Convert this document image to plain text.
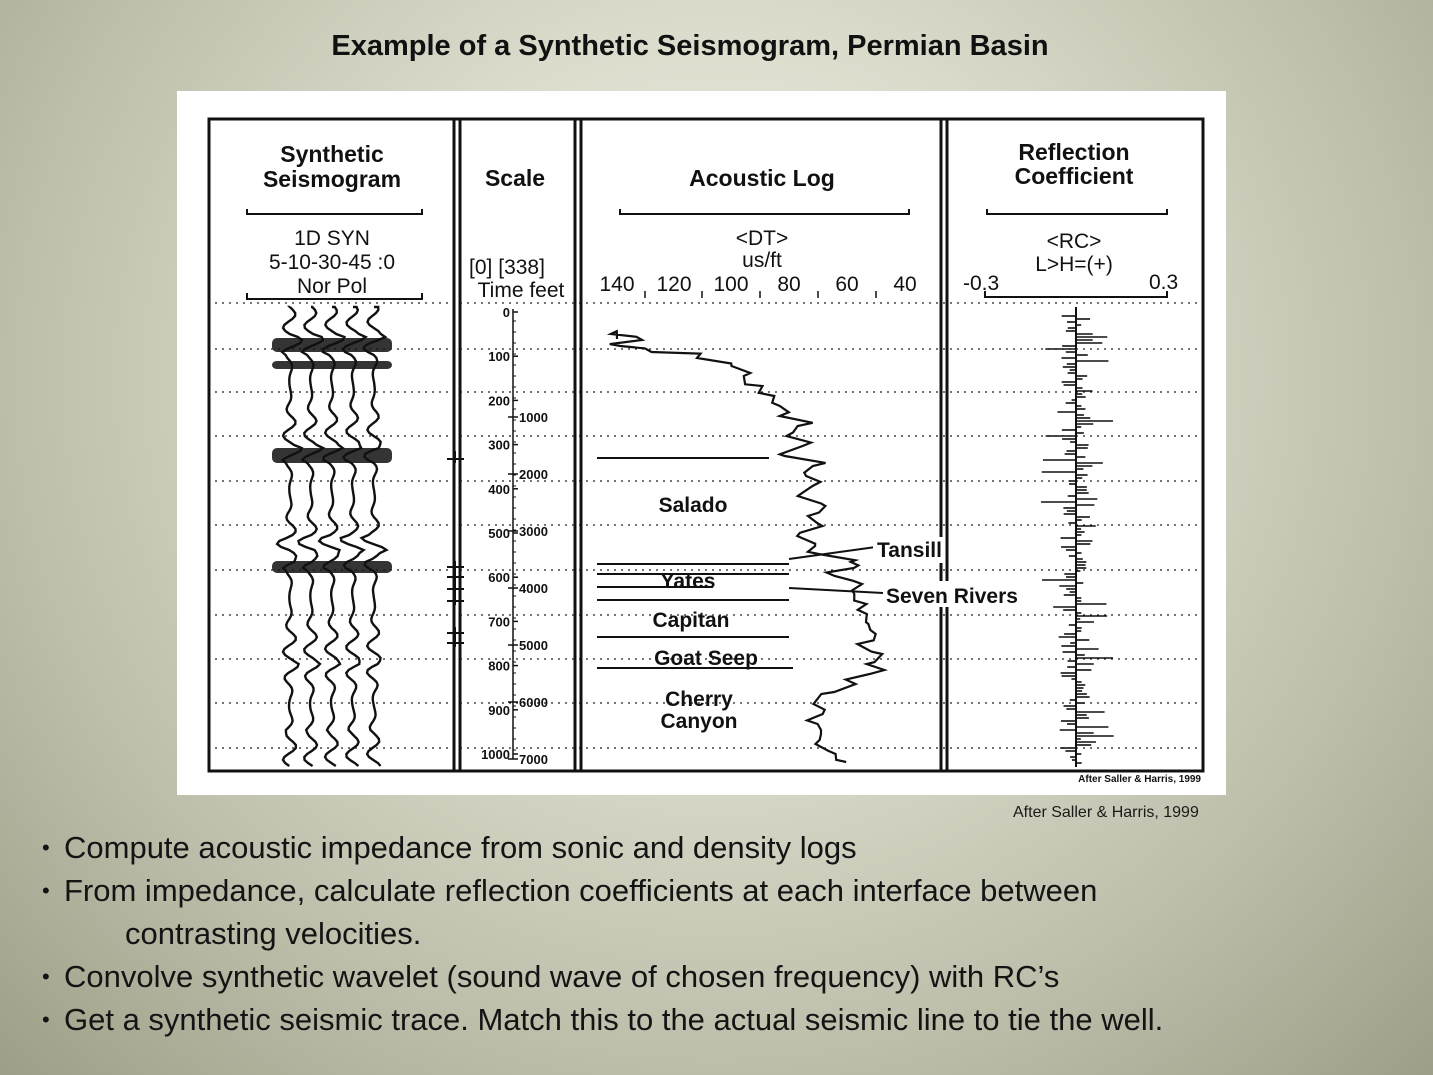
Example of a Synthetic Seismogram, Permian Basin
Synthetic
Seismogram
1D SYN
5-10-30-45 :0
Nor Pol
Scale
[0] [338]
Time feet
Acoustic Log
<DT>
us/ft
140 120 100 80 60 40
Reflection
Coefficient
<RC>
L>H=(+)
-0.3	0.3
0
100
200
300
400
500
600
700
800
900
1000
1000
2000
3000
4000
5000
6000
7000
Salado
Tansill
Yates
Seven Rivers
Capitan
Goat Seep
Cherry
Canyon
After Saller & Harris, 1999
After Saller & Harris, 1999
• Compute acoustic impedance from sonic and density logs
• From impedance, calculate reflection coefficients at each interface between
contrasting velocities.
• Convolve synthetic wavelet (sound wave of chosen frequency) with RC’s
• Get a synthetic seismic trace. Match this to the actual seismic line to tie the well.
